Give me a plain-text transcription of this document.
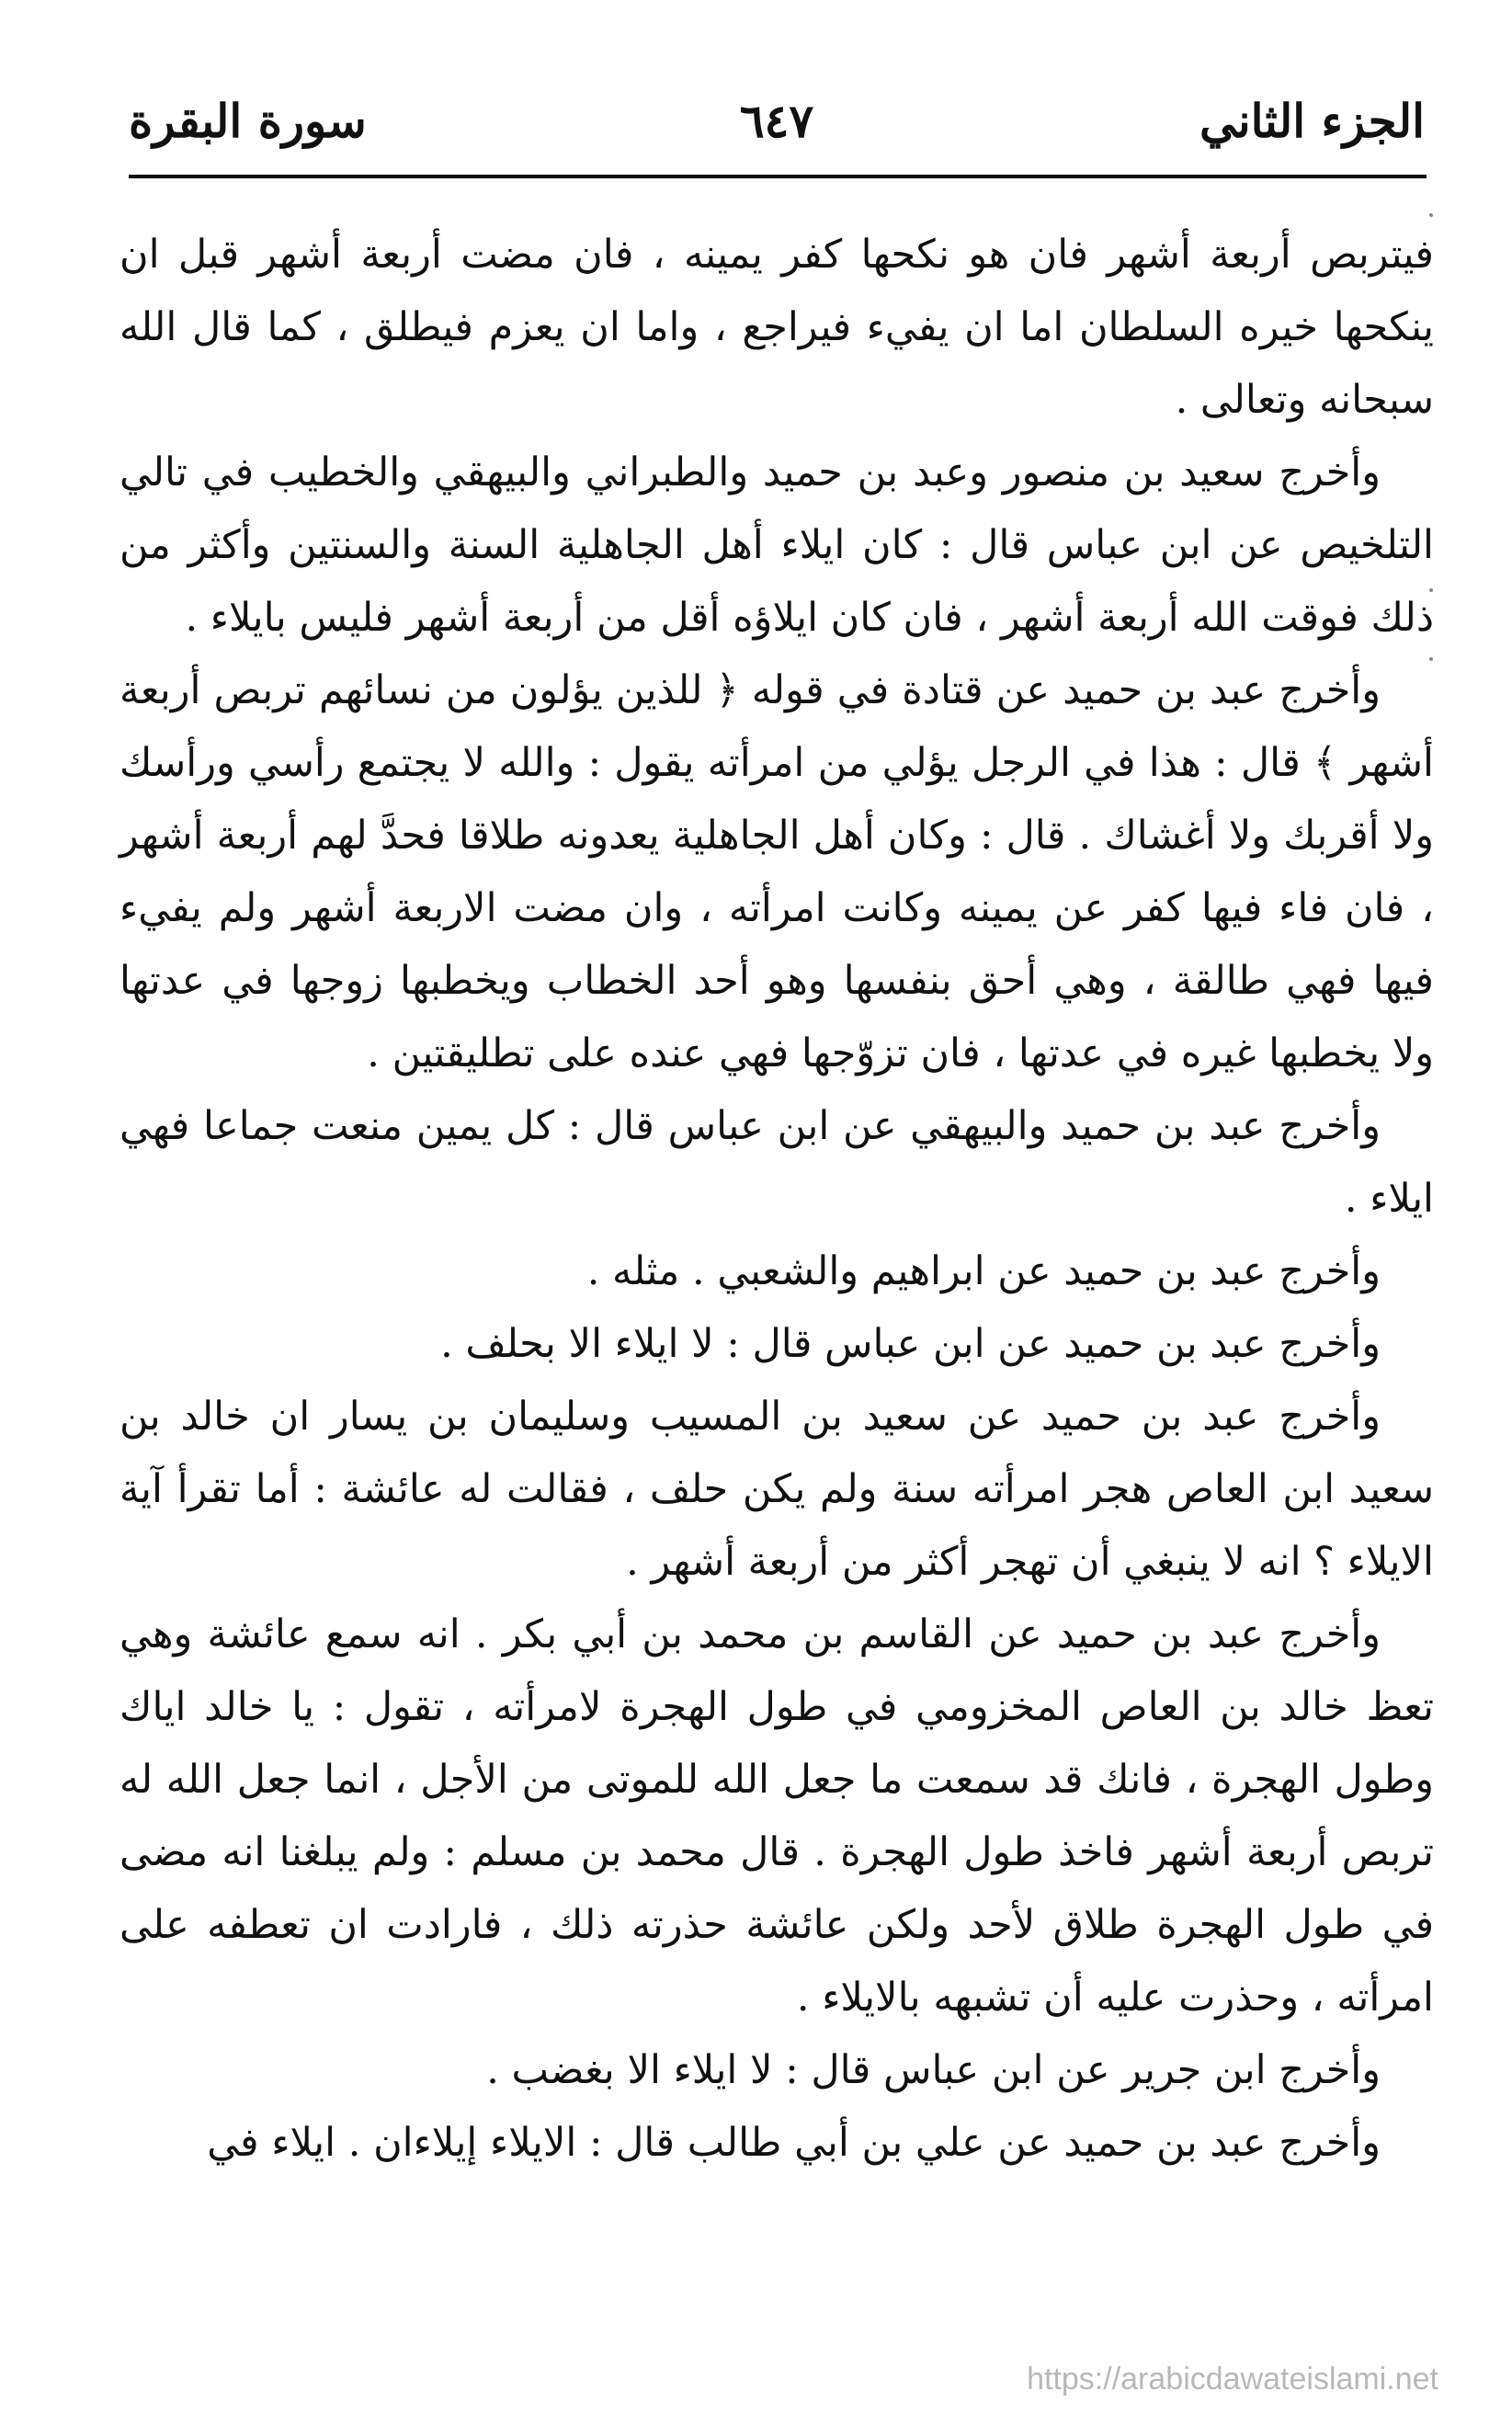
الجزء الثاني
٦٤٧
سورة البقرة

فيتربص أربعة أشهر فان هو نكحها كفر يمينه ، فان مضت أربعة أشهر قبل ان ينكحها خيره السلطان اما ان يفيء فيراجع ، واما ان يعزم فيطلق ، كما قال الله سبحانه وتعالى .

وأخرج سعيد بن منصور وعبد بن حميد والطبراني والبيهقي والخطيب في تالي التلخيص عن ابن عباس قال : كان ايلاء أهل الجاهلية السنة والسنتين وأكثر من ذلك فوقت الله أربعة أشهر ، فان كان ايلاؤه أقل من أربعة أشهر فليس بايلاء .

وأخرج عبد بن حميد عن قتادة في قوله ﴿ للذين يؤلون من نسائهم تربص أربعة أشهر ﴾ قال : هذا في الرجل يؤلي من امرأته يقول : والله لا يجتمع رأسي ورأسك ولا أقربك ولا أغشاك . قال : وكان أهل الجاهلية يعدونه طلاقا فحدَّ لهم أربعة أشهر ، فان فاء فيها كفر عن يمينه وكانت امرأته ، وان مضت الاربعة أشهر ولم يفيء فيها فهي طالقة ، وهي أحق بنفسها وهو أحد الخطاب ويخطبها زوجها في عدتها ولا يخطبها غيره في عدتها ، فان تزوّجها فهي عنده على تطليقتين .

وأخرج عبد بن حميد والبيهقي عن ابن عباس قال : كل يمين منعت جماعا فهي ايلاء .

وأخرج عبد بن حميد عن ابراهيم والشعبي . مثله .

وأخرج عبد بن حميد عن ابن عباس قال : لا ايلاء الا بحلف .

وأخرج عبد بن حميد عن سعيد بن المسيب وسليمان بن يسار ان خالد بن سعيد ابن العاص هجر امرأته سنة ولم يكن حلف ، فقالت له عائشة : أما تقرأ آية الايلاء ؟ انه لا ينبغي أن تهجر أكثر من أربعة أشهر .

وأخرج عبد بن حميد عن القاسم بن محمد بن أبي بكر . انه سمع عائشة وهي تعظ خالد بن العاص المخزومي في طول الهجرة لامرأته ، تقول : يا خالد اياك وطول الهجرة ، فانك قد سمعت ما جعل الله للموتى من الأجل ، انما جعل الله له تربص أربعة أشهر فاخذ طول الهجرة . قال محمد بن مسلم : ولم يبلغنا انه مضى في طول الهجرة طلاق لأحد ولكن عائشة حذرته ذلك ، فارادت ان تعطفه على امرأته ، وحذرت عليه أن تشبهه بالايلاء .

وأخرج ابن جرير عن ابن عباس قال : لا ايلاء الا بغضب .

وأخرج عبد بن حميد عن علي بن أبي طالب قال : الايلاء إيلاءان . ايلاء في

https://arabicdawateislami.net
